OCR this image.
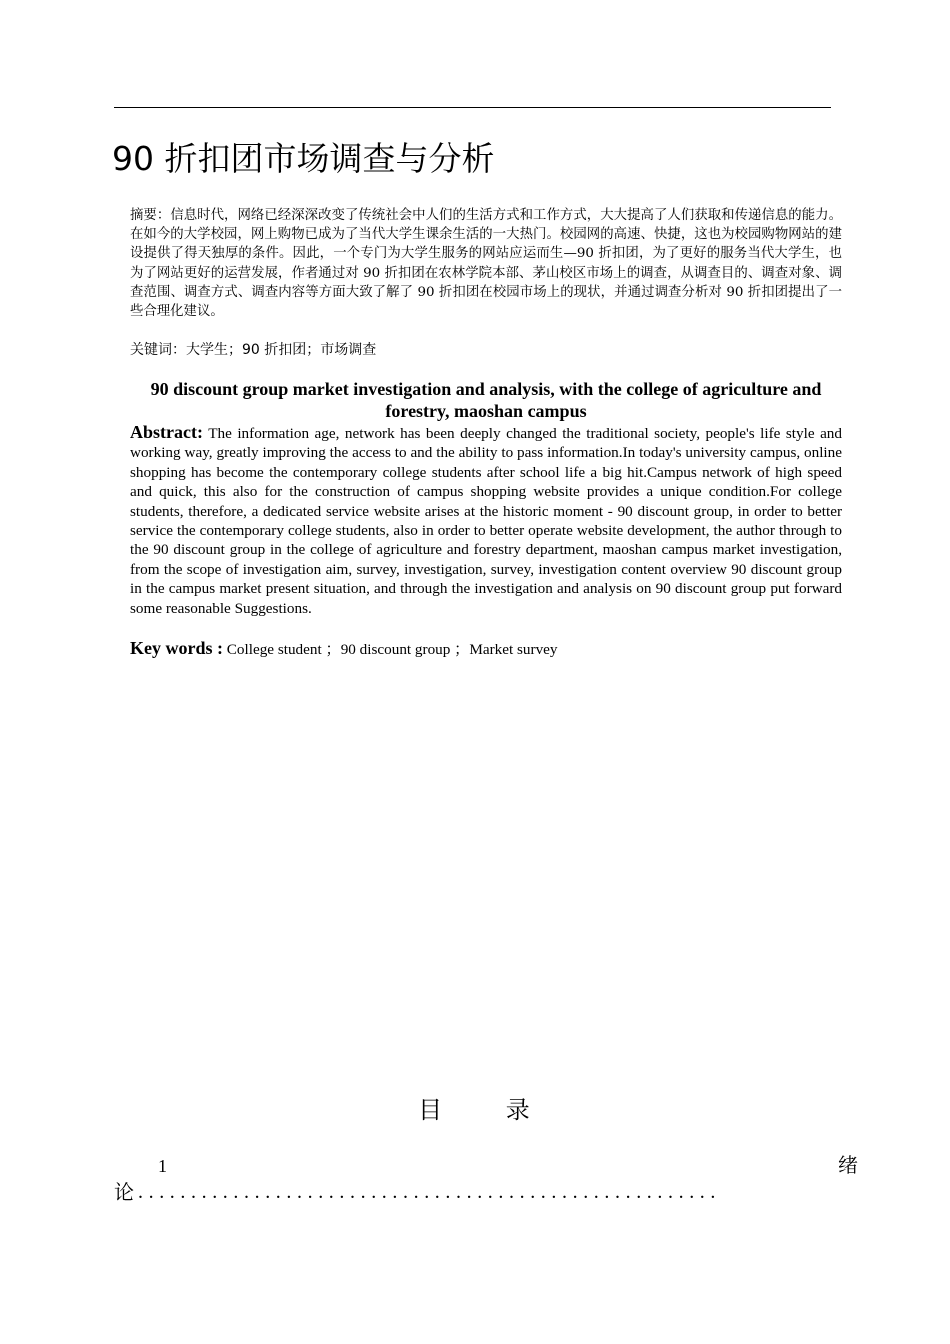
90 折扣团市场调查与分析
摘要：信息时代，网络已经深深改变了传统社会中人们的生活方式和工作方式，大大提高了人们获取和传递信息的能力。在如今的大学校园，网上购物已成为了当代大学生课余生活的一大热门。校园网的高速、快捷，这也为校园购物网站的建设提供了得天独厚的条件。因此，一个专门为大学生服务的网站应运而生—90 折扣团，为了更好的服务当代大学生，也为了网站更好的运营发展，作者通过对 90 折扣团在农林学院本部、茅山校区市场上的调查，从调查目的、调查对象、调查范围、调查方式、调查内容等方面大致了解了 90 折扣团在校园市场上的现状，并通过调查分析对 90 折扣团提出了一些合理化建议。
关键词：大学生；90 折扣团；市场调查
90 discount group market investigation and analysis, with the college of agriculture and forestry, maoshan campus
Abstract: The information age, network has been deeply changed the traditional society, people's life style and working way, greatly improving the access to and the ability to pass information.In today's university campus, online shopping has become the contemporary college students after school life a big hit.Campus network of high speed and quick, this also for the construction of campus shopping website provides a unique condition.For college students, therefore, a dedicated service website arises at the historic moment - 90 discount group, in order to better service the contemporary college students, also in order to better operate website development, the author through to the 90 discount group in the college of agriculture and forestry department, maoshan campus market investigation, from the scope of investigation aim, survey, investigation, survey, investigation content overview 90 discount group in the campus market present situation, and through the investigation and analysis on 90 discount group put forward some reasonable Suggestions.
Key words : College student ；90 discount group ；Market survey
目 录
1	绪
论 .......................................................
